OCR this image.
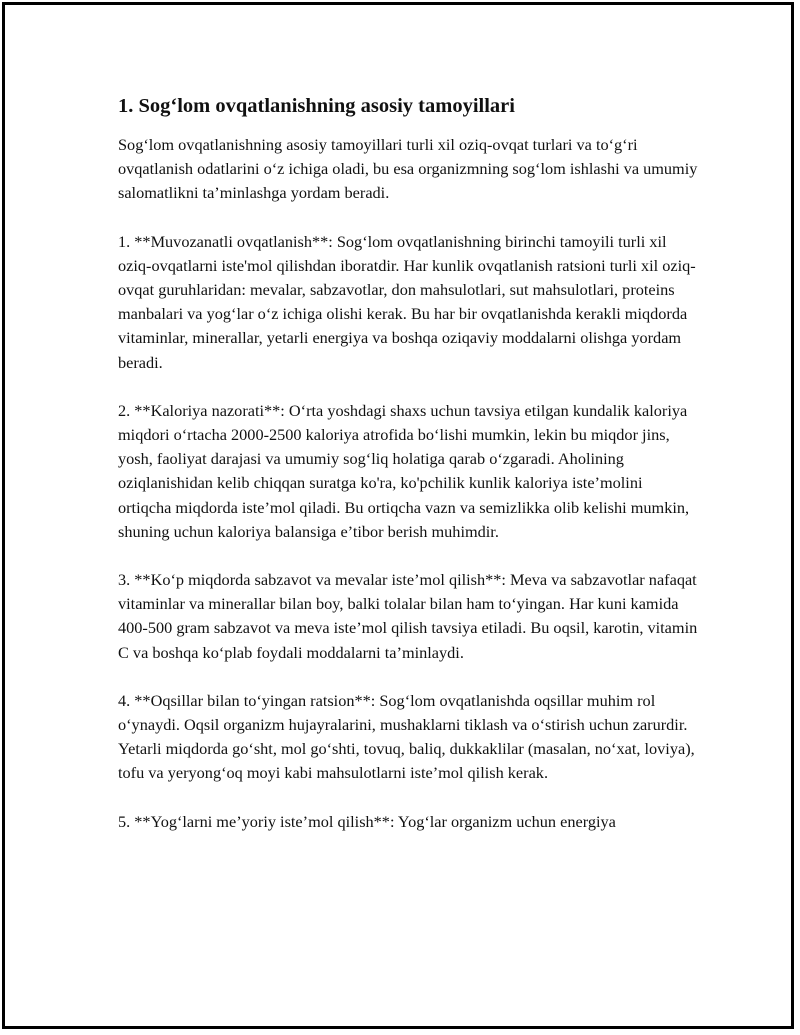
1. Sog‘lom ovqatlanishning asosiy tamoyillari

Sog‘lom ovqatlanishning asosiy tamoyillari turli xil oziq-ovqat turlari va to‘g‘ri ovqatlanish odatlarini o‘z ichiga oladi, bu esa organizmning sog‘lom ishlashi va umumiy salomatlikni ta’minlashga yordam beradi.

1. **Muvozanatli ovqatlanish**: Sog‘lom ovqatlanishning birinchi tamoyili turli xil oziq-ovqatlarni iste'mol qilishdan iboratdir. Har kunlik ovqatlanish ratsioni turli xil oziq-ovqat guruhlaridan: mevalar, sabzavotlar, don mahsulotlari, sut mahsulotlari, proteins manbalari va yog‘lar o‘z ichiga olishi kerak. Bu har bir ovqatlanishda kerakli miqdorda vitaminlar, minerallar, yetarli energiya va boshqa oziqaviy moddalarni olishga yordam beradi.

2. **Kaloriya nazorati**: O‘rta yoshdagi shaxs uchun tavsiya etilgan kundalik kaloriya miqdori o‘rtacha 2000-2500 kaloriya atrofida bo‘lishi mumkin, lekin bu miqdor jins, yosh, faoliyat darajasi va umumiy sog‘liq holatiga qarab o‘zgaradi. Aholining oziqlanishidan kelib chiqqan suratga ko'ra, ko'pchilik kunlik kaloriya iste’molini ortiqcha miqdorda iste’mol qiladi. Bu ortiqcha vazn va semizlikka olib kelishi mumkin, shuning uchun kaloriya balansiga e’tibor berish muhimdir.

3. **Ko‘p miqdorda sabzavot va mevalar iste’mol qilish**: Meva va sabzavotlar nafaqat vitaminlar va minerallar bilan boy, balki tolalar bilan ham to‘yingan. Har kuni kamida 400-500 gram sabzavot va meva iste’mol qilish tavsiya etiladi. Bu oqsil, karotin, vitamin C va boshqa ko‘plab foydali moddalarni ta’minlaydi.

4. **Oqsillar bilan to‘yingan ratsion**: Sog‘lom ovqatlanishda oqsillar muhim rol o‘ynaydi. Oqsil organizm hujayralarini, mushaklarni tiklash va o‘stirish uchun zarurdir. Yetarli miqdorda go‘sht, mol go‘shti, tovuq, baliq, dukkaklilar (masalan, no‘xat, loviya), tofu va yeryong‘oq moyi kabi mahsulotlarni iste’mol qilish kerak.

5. **Yog‘larni me’yoriy iste’mol qilish**: Yog‘lar organizm uchun energiya
